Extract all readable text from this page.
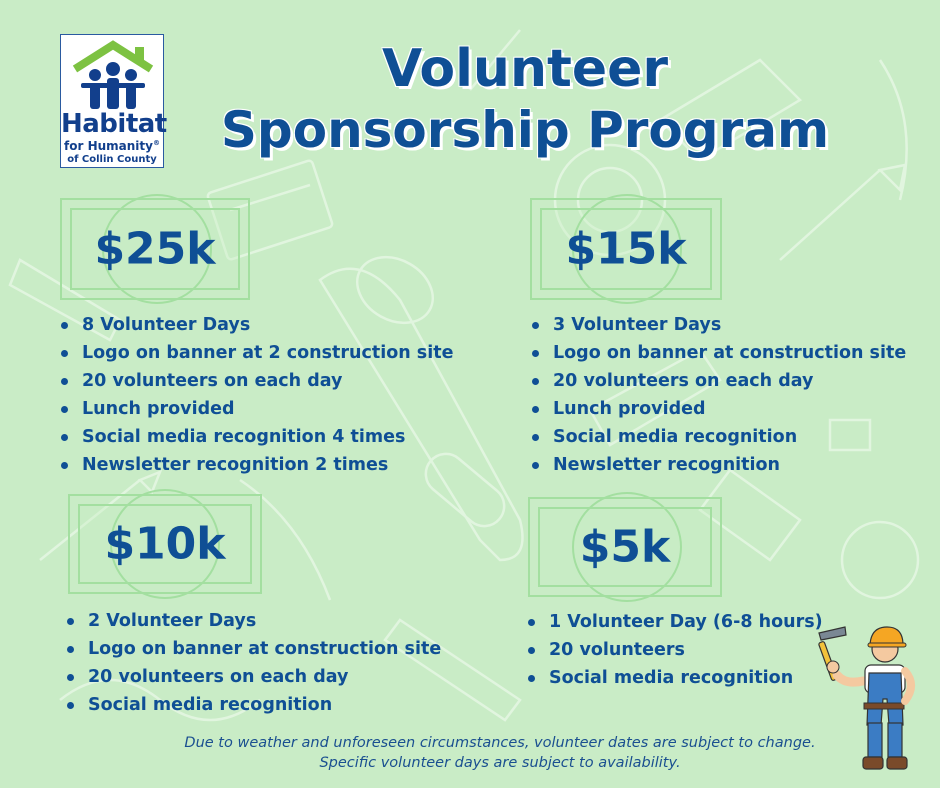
Habitat
for Humanity®
of Collin County
Volunteer
Sponsorship Program
$25k
8 Volunteer Days
Logo on banner at 2 construction site
20 volunteers on each day
Lunch provided
Social media recognition 4 times
Newsletter recognition 2 times
$15k
3 Volunteer Days
Logo on banner at construction site
20 volunteers on each day
Lunch provided
Social media recognition
Newsletter recognition
$10k
2 Volunteer Days
Logo on banner at construction site
20 volunteers on each day
Social media recognition
$5k
1 Volunteer Day (6-8 hours)
20 volunteers
Social media recognition
Due to weather and unforeseen circumstances, volunteer dates are subject to change.
Specific volunteer days are subject to availability.
